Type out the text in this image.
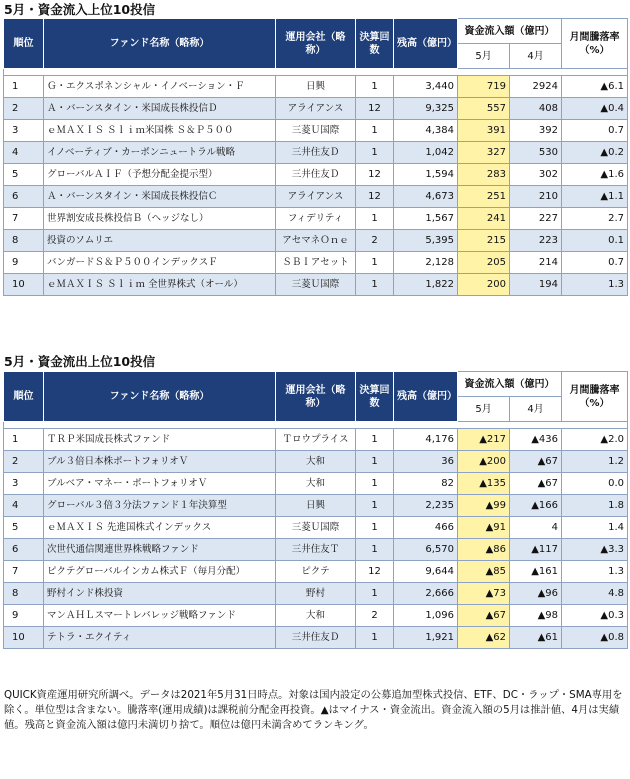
5月・資金流入上位10投信
順位	ファンド名称（略称）	運用会社（略称）	決算回数	残高（億円）	資金流入額（億円）		月間騰落率（%）
					5月	4月	

1	Ｇ・エクスポネンシャル・イノベーション・Ｆ	日興	1	3,440	719	2924	▲6.1
2	Ａ・バーンスタイン・米国成長株投信Ｄ	アライアンス	12	9,325	557	408	▲0.4
3	ｅＭＡＸＩＳ Ｓｌｉｍ米国株 Ｓ＆Ｐ５００	三菱Ｕ国際	1	4,384	391	392	0.7
4	イノベーティブ・カーボンニュートラル戦略	三井住友Ｄ	1	1,042	327	530	▲0.2
5	グローバルＡＩＦ（予想分配金提示型）	三井住友Ｄ	12	1,594	283	302	▲1.6
6	Ａ・バーンスタイン・米国成長株投信Ｃ	アライアンス	12	4,673	251	210	▲1.1
7	世界割安成長株投信Ｂ（ヘッジなし）	フィデリティ	1	1,567	241	227	2.7
8	投資のソムリエ	アセマネＯｎｅ	2	5,395	215	223	0.1
9	バンガードＳ＆Ｐ５００インデックスＦ	ＳＢＩアセット	1	2,128	205	214	0.7
10	ｅＭＡＸＩＳ Ｓｌｉｍ 全世界株式（オール）	三菱Ｕ国際	1	1,822	200	194	1.3
5月・資金流出上位10投信
順位	ファンド名称（略称）	運用会社（略称）	決算回数	残高（億円）	資金流入額（億円）		月間騰落率（%）
					5月	4月	

1	ＴＲＰ米国成長株式ファンド	Ｔロウプライス	1	4,176	▲217	▲436	▲2.0
2	ブル３倍日本株ポートフォリオＶ	大和	1	36	▲200	▲67	1.2
3	ブルベア・マネー・ポートフォリオＶ	大和	1	82	▲135	▲67	0.0
4	グローバル３倍３分法ファンド１年決算型	日興	1	2,235	▲99	▲166	1.8
5	ｅＭＡＸＩＳ 先進国株式インデックス	三菱Ｕ国際	1	466	▲91	4	1.4
6	次世代通信関連世界株戦略ファンド	三井住友Ｔ	1	6,570	▲86	▲117	▲3.3
7	ピクテグローバルインカム株式Ｆ（毎月分配）	ピクテ	12	9,644	▲85	▲161	1.3
8	野村インド株投資	野村	1	2,666	▲73	▲96	4.8
9	マンＡＨＬスマートレバレッジ戦略ファンド	大和	2	1,096	▲67	▲98	▲0.3
10	テトラ・エクイティ	三井住友Ｄ	1	1,921	▲62	▲61	▲0.8
QUICK資産運用研究所調べ。データは2021年5月31日時点。対象は国内設定の公募追加型株式投信、ETF、DC・ラップ・SMA専用を除く。単位型は含まない。騰落率(運用成績)は課税前分配金再投資。▲はマイナス・資金流出。資金流入額の5月は推計値、4月は実績値。残高と資金流入額は億円未満切り捨て。順位は億円未満含めてランキング。
